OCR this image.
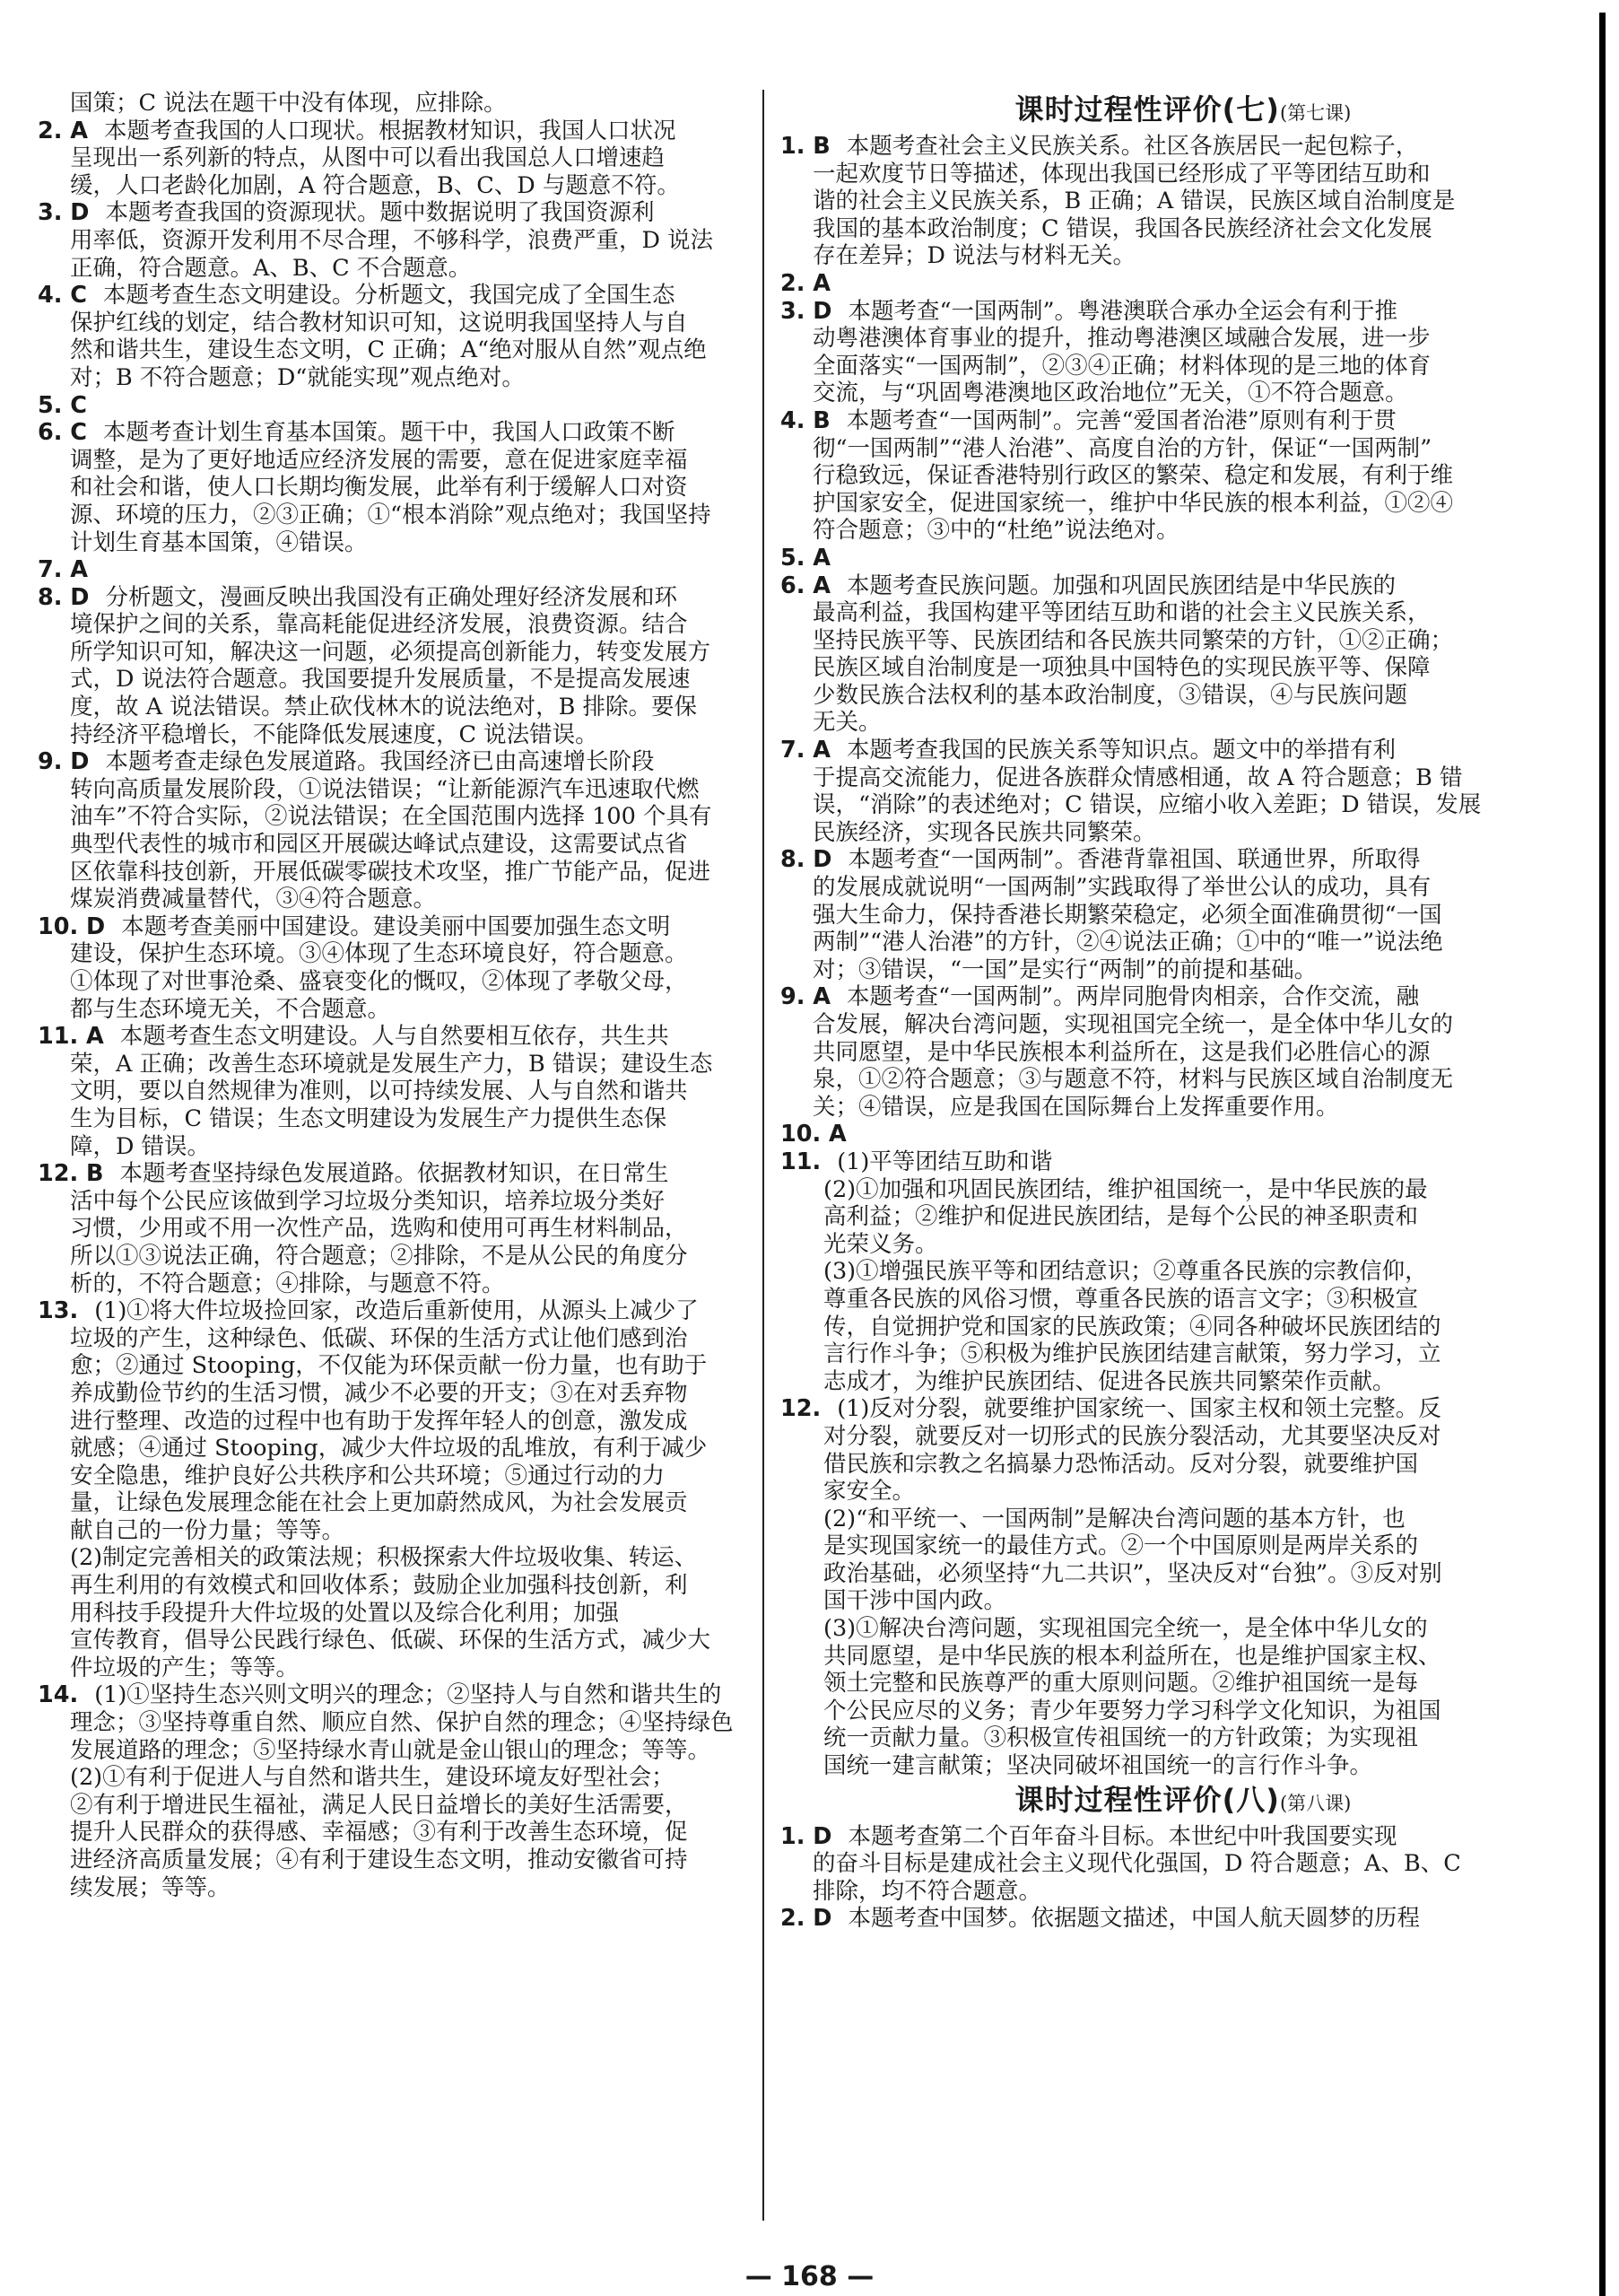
国策；C 说法在题干中没有体现，应排除。

2. A 本题考查我国的人口现状。根据教材知识，我国人口状况

呈现出一系列新的特点，从图中可以看出我国总人口增速趋

缓，人口老龄化加剧，A 符合题意，B、C、D 与题意不符。

3. D 本题考查我国的资源现状。题中数据说明了我国资源利

用率低，资源开发利用不尽合理，不够科学，浪费严重，D 说法

正确，符合题意。A、B、C 不合题意。

4. C 本题考查生态文明建设。分析题文，我国完成了全国生态

保护红线的划定，结合教材知识可知，这说明我国坚持人与自

然和谐共生，建设生态文明，C 正确；A“绝对服从自然”观点绝

对；B 不符合题意；D“就能实现”观点绝对。

5. C

6. C 本题考查计划生育基本国策。题干中，我国人口政策不断

调整，是为了更好地适应经济发展的需要，意在促进家庭幸福

和社会和谐，使人口长期均衡发展，此举有利于缓解人口对资

源、环境的压力，②③正确；①“根本消除”观点绝对；我国坚持

计划生育基本国策，④错误。

7. A

8. D 分析题文，漫画反映出我国没有正确处理好经济发展和环

境保护之间的关系，靠高耗能促进经济发展，浪费资源。结合

所学知识可知，解决这一问题，必须提高创新能力，转变发展方

式，D 说法符合题意。我国要提升发展质量，不是提高发展速

度，故 A 说法错误。禁止砍伐林木的说法绝对，B 排除。要保

持经济平稳增长，不能降低发展速度，C 说法错误。

9. D 本题考查走绿色发展道路。我国经济已由高速增长阶段

转向高质量发展阶段，①说法错误；“让新能源汽车迅速取代燃

油车”不符合实际，②说法错误；在全国范围内选择 100 个具有

典型代表性的城市和园区开展碳达峰试点建设，这需要试点省

区依靠科技创新，开展低碳零碳技术攻坚，推广节能产品，促进

煤炭消费减量替代，③④符合题意。

10. D 本题考查美丽中国建设。建设美丽中国要加强生态文明

建设，保护生态环境。③④体现了生态环境良好，符合题意。

①体现了对世事沧桑、盛衰变化的慨叹，②体现了孝敬父母，

都与生态环境无关，不合题意。

11. A 本题考查生态文明建设。人与自然要相互依存，共生共

荣，A 正确；改善生态环境就是发展生产力，B 错误；建设生态

文明，要以自然规律为准则，以可持续发展、人与自然和谐共

生为目标，C 错误；生态文明建设为发展生产力提供生态保

障，D 错误。

12. B 本题考查坚持绿色发展道路。依据教材知识，在日常生

活中每个公民应该做到学习垃圾分类知识，培养垃圾分类好

习惯，少用或不用一次性产品，选购和使用可再生材料制品，

所以①③说法正确，符合题意；②排除，不是从公民的角度分

析的，不符合题意；④排除，与题意不符。

13. (1)①将大件垃圾捡回家，改造后重新使用，从源头上减少了

垃圾的产生，这种绿色、低碳、环保的生活方式让他们感到治

愈；②通过 Stooping，不仅能为环保贡献一份力量，也有助于

养成勤俭节约的生活习惯，减少不必要的开支；③在对丢弃物

进行整理、改造的过程中也有助于发挥年轻人的创意，激发成

就感；④通过 Stooping，减少大件垃圾的乱堆放，有利于减少

安全隐患，维护良好公共秩序和公共环境；⑤通过行动的力

量，让绿色发展理念能在社会上更加蔚然成风，为社会发展贡

献自己的一份力量；等等。

(2)制定完善相关的政策法规；积极探索大件垃圾收集、转运、

再生利用的有效模式和回收体系；鼓励企业加强科技创新，利

用科技手段提升大件垃圾的处置以及综合化利用；加强

宣传教育，倡导公民践行绿色、低碳、环保的生活方式，减少大

件垃圾的产生；等等。

14. (1)①坚持生态兴则文明兴的理念；②坚持人与自然和谐共生的

理念；③坚持尊重自然、顺应自然、保护自然的理念；④坚持绿色

发展道路的理念；⑤坚持绿水青山就是金山银山的理念；等等。

(2)①有利于促进人与自然和谐共生，建设环境友好型社会；

②有利于增进民生福祉，满足人民日益增长的美好生活需要，

提升人民群众的获得感、幸福感；③有利于改善生态环境，促

进经济高质量发展；④有利于建设生态文明，推动安徽省可持

续发展；等等。

课时过程性评价(七)(第七课)

1. B 本题考查社会主义民族关系。社区各族居民一起包粽子，

一起欢度节日等描述，体现出我国已经形成了平等团结互助和

谐的社会主义民族关系，B 正确；A 错误，民族区域自治制度是

我国的基本政治制度；C 错误，我国各民族经济社会文化发展

存在差异；D 说法与材料无关。

2. A

3. D 本题考查“一国两制”。粤港澳联合承办全运会有利于推

动粤港澳体育事业的提升，推动粤港澳区域融合发展，进一步

全面落实“一国两制”，②③④正确；材料体现的是三地的体育

交流，与“巩固粤港澳地区政治地位”无关，①不符合题意。

4. B 本题考查“一国两制”。完善“爱国者治港”原则有利于贯

彻“一国两制”“港人治港”、高度自治的方针，保证“一国两制”

行稳致远，保证香港特别行政区的繁荣、稳定和发展，有利于维

护国家安全，促进国家统一，维护中华民族的根本利益，①②④

符合题意；③中的“杜绝”说法绝对。

5. A

6. A 本题考查民族问题。加强和巩固民族团结是中华民族的

最高利益，我国构建平等团结互助和谐的社会主义民族关系，

坚持民族平等、民族团结和各民族共同繁荣的方针，①②正确；

民族区域自治制度是一项独具中国特色的实现民族平等、保障

少数民族合法权利的基本政治制度，③错误，④与民族问题

无关。

7. A 本题考查我国的民族关系等知识点。题文中的举措有利

于提高交流能力，促进各族群众情感相通，故 A 符合题意；B 错

误，“消除”的表述绝对；C 错误，应缩小收入差距；D 错误，发展

民族经济，实现各民族共同繁荣。

8. D 本题考查“一国两制”。香港背靠祖国、联通世界，所取得

的发展成就说明“一国两制”实践取得了举世公认的成功，具有

强大生命力，保持香港长期繁荣稳定，必须全面准确贯彻“一国

两制”“港人治港”的方针，②④说法正确；①中的“唯一”说法绝

对；③错误，“一国”是实行“两制”的前提和基础。

9. A 本题考查“一国两制”。两岸同胞骨肉相亲，合作交流，融

合发展，解决台湾问题，实现祖国完全统一，是全体中华儿女的

共同愿望，是中华民族根本利益所在，这是我们必胜信心的源

泉，①②符合题意；③与题意不符，材料与民族区域自治制度无

关；④错误，应是我国在国际舞台上发挥重要作用。

10. A

11. (1)平等团结互助和谐

(2)①加强和巩固民族团结，维护祖国统一，是中华民族的最

高利益；②维护和促进民族团结，是每个公民的神圣职责和

光荣义务。

(3)①增强民族平等和团结意识；②尊重各民族的宗教信仰，

尊重各民族的风俗习惯，尊重各民族的语言文字；③积极宣

传，自觉拥护党和国家的民族政策；④同各种破坏民族团结的

言行作斗争；⑤积极为维护民族团结建言献策，努力学习，立

志成才，为维护民族团结、促进各民族共同繁荣作贡献。

12. (1)反对分裂，就要维护国家统一、国家主权和领土完整。反

对分裂，就要反对一切形式的民族分裂活动，尤其要坚决反对

借民族和宗教之名搞暴力恐怖活动。反对分裂，就要维护国

家安全。

(2)“和平统一、一国两制”是解决台湾问题的基本方针，也

是实现国家统一的最佳方式。②一个中国原则是两岸关系的

政治基础，必须坚持“九二共识”，坚决反对“台独”。③反对别

国干涉中国内政。

(3)①解决台湾问题，实现祖国完全统一，是全体中华儿女的

共同愿望，是中华民族的根本利益所在，也是维护国家主权、

领土完整和民族尊严的重大原则问题。②维护祖国统一是每

个公民应尽的义务；青少年要努力学习科学文化知识，为祖国

统一贡献力量。③积极宣传祖国统一的方针政策；为实现祖

国统一建言献策；坚决同破坏祖国统一的言行作斗争。

课时过程性评价(八)(第八课)

1. D 本题考查第二个百年奋斗目标。本世纪中叶我国要实现

的奋斗目标是建成社会主义现代化强国，D 符合题意；A、B、C

排除，均不符合题意。

2. D 本题考查中国梦。依据题文描述，中国人航天圆梦的历程

— 168 —
